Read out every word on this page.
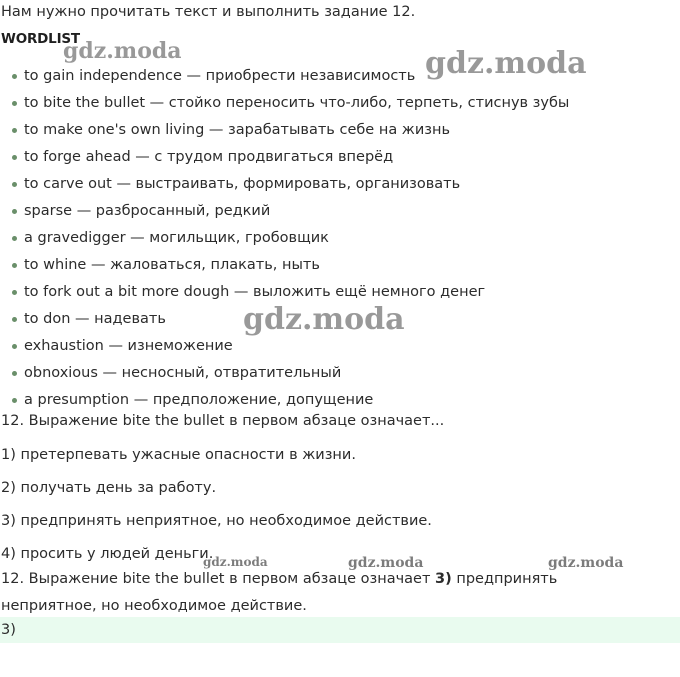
Нам нужно прочитать текст и выполнить задание 12.
WORDLIST
to gain independence — приобрести независимость
to bite the bullet — стойко переносить что-либо, терпеть, стиснув зубы
to make one's own living — зарабатывать себе на жизнь
to forge ahead — с трудом продвигаться вперёд
to carve out — выстраивать, формировать, организовать
sparse — разбросанный, редкий
a gravedigger — могильщик, гробовщик
to whine — жаловаться, плакать, ныть
to fork out a bit more dough — выложить ещё немного денег
to don — надевать
exhaustion — изнеможение
obnoxious — несносный, отвратительный
a presumption — предположение, допущение
12. Выражение bite the bullet в первом абзаце означает...
1) претерпевать ужасные опасности в жизни.
2) получать день за работу.
3) предпринять неприятное, но необходимое действие.
4) просить у людей деньги.
12. Выражение bite the bullet в первом абзаце означает 3) предпринять неприятное, но необходимое действие.
3)
gdz.moda	gdz.moda
gdz.moda
gdz.moda	gdz.moda	gdz.moda
